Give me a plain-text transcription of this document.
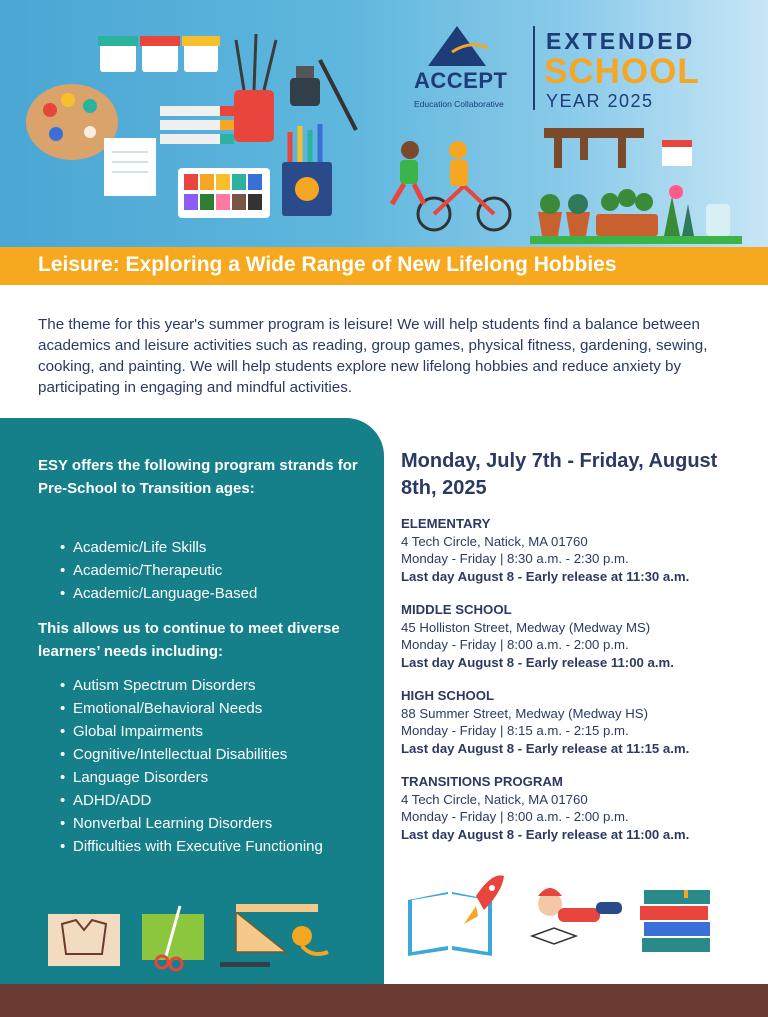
ACCEPT
Education Collaborative
EXTENDED
SCHOOL
YEAR 2025
Leisure: Exploring a Wide Range of New Lifelong Hobbies

The theme for this year's summer program is leisure! We will help students find a balance between academics and leisure activities such as reading, group games, physical fitness, gardening, sewing, cooking, and painting. We will help students explore new lifelong hobbies and reduce anxiety by participating in engaging and mindful activities.

ESY offers the following program strands for Pre-School to Transition ages:
• Academic/Life Skills
• Academic/Therapeutic
• Academic/Language-Based
This allows us to continue to meet diverse learners’ needs including:
• Autism Spectrum Disorders
• Emotional/Behavioral Needs
• Global Impairments
• Cognitive/Intellectual Disabilities
• Language Disorders
• ADHD/ADD
• Nonverbal Learning Disorders
• Difficulties with Executive Functioning
Monday, July 7th - Friday, August 8th, 2025
ELEMENTARY
4 Tech Circle, Natick, MA 01760
Monday - Friday | 8:30 a.m. - 2:30 p.m.
Last day August 8 - Early release at 11:30 a.m.
MIDDLE SCHOOL
45 Holliston Street, Medway (Medway MS)
Monday - Friday | 8:00 a.m. - 2:00 p.m.
Last day August 8 - Early release 11:00 a.m.
HIGH SCHOOL
88 Summer Street, Medway (Medway HS)
Monday - Friday | 8:15 a.m. - 2:15 p.m.
Last day August 8 - Early release at 11:15 a.m.
TRANSITIONS PROGRAM
4 Tech Circle, Natick, MA 01760
Monday - Friday | 8:00 a.m. - 2:00 p.m.
Last day August 8 - Early release at 11:00 a.m.
